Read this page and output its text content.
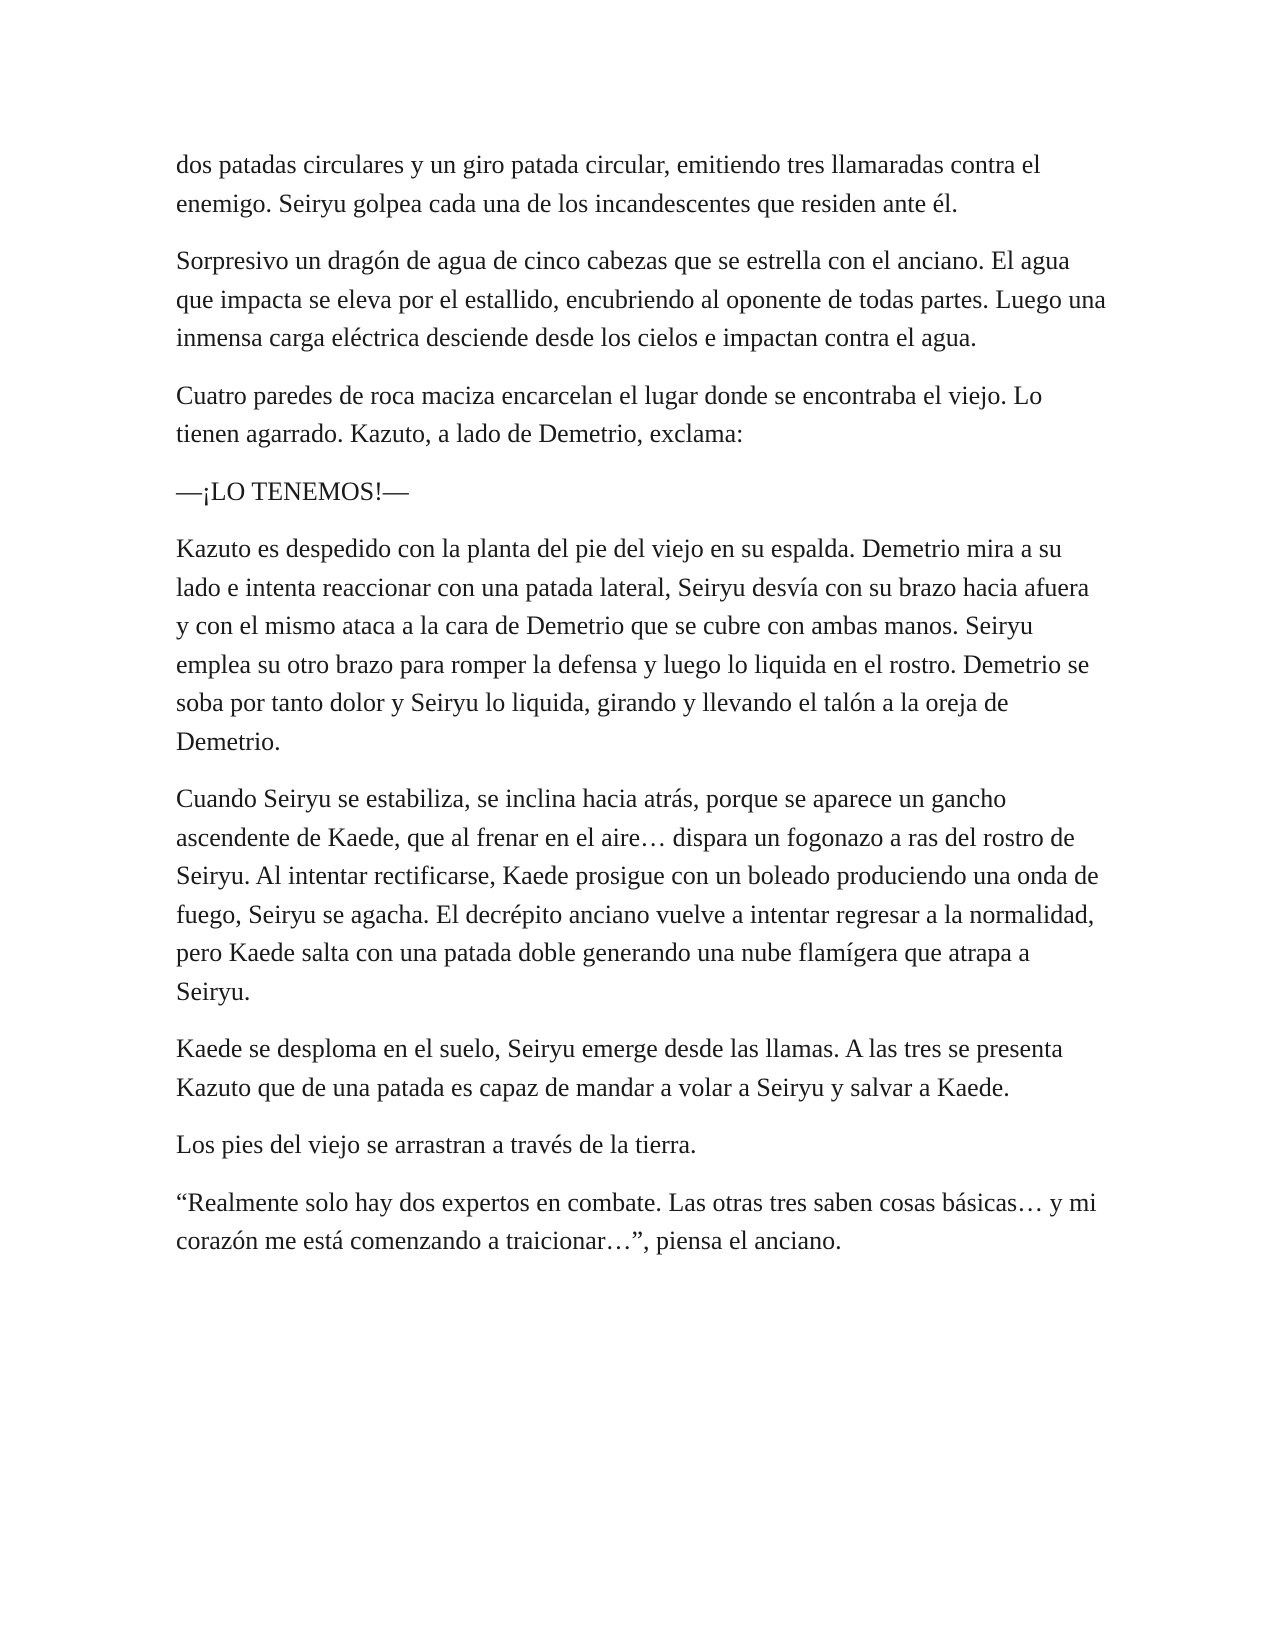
dos patadas circulares y un giro patada circular, emitiendo tres llamaradas contra el enemigo. Seiryu golpea cada una de los incandescentes que residen ante él.

Sorpresivo un dragón de agua de cinco cabezas que se estrella con el anciano. El agua que impacta se eleva por el estallido, encubriendo al oponente de todas partes. Luego una inmensa carga eléctrica desciende desde los cielos e impactan contra el agua.

Cuatro paredes de roca maciza encarcelan el lugar donde se encontraba el viejo. Lo tienen agarrado. Kazuto, a lado de Demetrio, exclama:

—¡LO TENEMOS!—

Kazuto es despedido con la planta del pie del viejo en su espalda. Demetrio mira a su lado e intenta reaccionar con una patada lateral, Seiryu desvía con su brazo hacia afuera y con el mismo ataca a la cara de Demetrio que se cubre con ambas manos. Seiryu emplea su otro brazo para romper la defensa y luego lo liquida en el rostro. Demetrio se soba por tanto dolor y Seiryu lo liquida, girando y llevando el talón a la oreja de Demetrio.

Cuando Seiryu se estabiliza, se inclina hacia atrás, porque se aparece un gancho ascendente de Kaede, que al frenar en el aire… dispara un fogonazo a ras del rostro de Seiryu. Al intentar rectificarse, Kaede prosigue con un boleado produciendo una onda de fuego, Seiryu se agacha. El decrépito anciano vuelve a intentar regresar a la normalidad, pero Kaede salta con una patada doble generando una nube flamígera que atrapa a Seiryu.

Kaede se desploma en el suelo, Seiryu emerge desde las llamas. A las tres se presenta Kazuto que de una patada es capaz de mandar a volar a Seiryu y salvar a Kaede.

Los pies del viejo se arrastran a través de la tierra.

“Realmente solo hay dos expertos en combate. Las otras tres saben cosas básicas… y mi corazón me está comenzando a traicionar…”, piensa el anciano.
